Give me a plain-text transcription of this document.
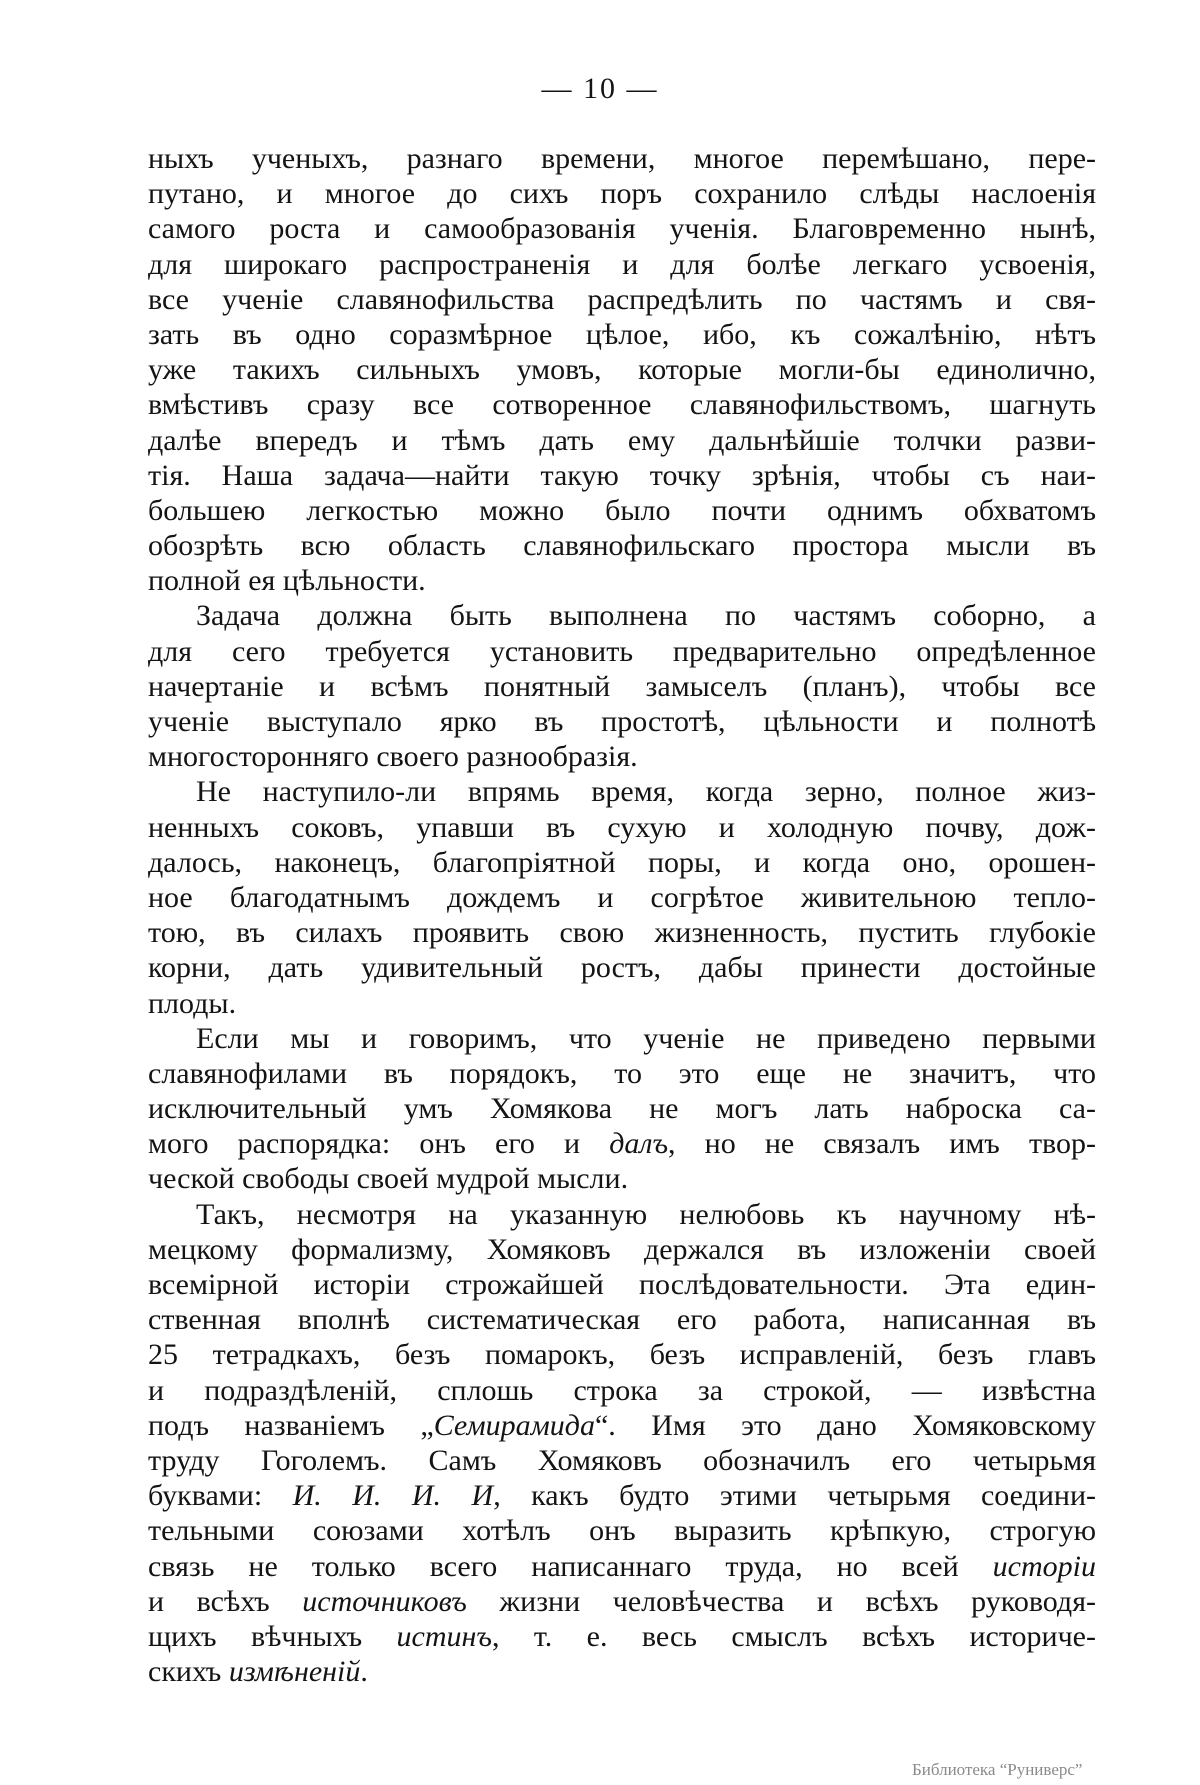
— 10 —
ныхъ ученыхъ, разнаго времени, многое перемѣшано, пере-
путано, и многое до сихъ поръ сохранило слѣды наслоенія
самого роста и самообразованія ученія. Благовременно нынѣ,
для широкаго распространенія и для болѣе легкаго усвоенія,
все ученіе славянофильства распредѣлить по частямъ и свя-
зать въ одно соразмѣрное цѣлое, ибо, къ сожалѣнію, нѣтъ
уже такихъ сильныхъ умовъ, которые могли-бы единолично,
вмѣстивъ сразу все сотворенное славянофильствомъ, шагнуть
далѣе впередъ и тѣмъ дать ему дальнѣйшіе толчки разви-
тія. Наша задача—найти такую точку зрѣнія, чтобы съ наи-
большею легкостью можно было почти однимъ обхватомъ
обозрѣть всю область славянофильскаго простора мысли въ
полной ея цѣльности.
Задача должна быть выполнена по частямъ соборно, а
для сего требуется установить предварительно опредѣленное
начертаніе и всѣмъ понятный замыселъ (планъ), чтобы все
ученіе выступало ярко въ простотѣ, цѣльности и полнотѣ
многосторонняго своего разнообразія.
Не наступило-ли впрямь время, когда зерно, полное жиз-
ненныхъ соковъ, упавши въ сухую и холодную почву, дож-
далось, наконецъ, благопріятной поры, и когда оно, орошен-
ное благодатнымъ дождемъ и согрѣтое живительною тепло-
тою, въ силахъ проявить свою жизненность, пустить глубокіе
корни, дать удивительный ростъ, дабы принести достойные
плоды.
Если мы и говоримъ, что ученіе не приведено первыми
славянофилами въ порядокъ, то это еще не значитъ, что
исключительный умъ Хомякова не могъ лать наброска са-
мого распорядка: онъ его и далъ, но не связалъ имъ твор-
ческой свободы своей мудрой мысли.
Такъ, несмотря на указанную нелюбовь къ научному нѣ-
мецкому формализму, Хомяковъ держался въ изложеніи своей
всемірной исторіи строжайшей послѣдовательности. Эта един-
ственная вполнѣ систематическая его работа, написанная въ
25 тетрадкахъ, безъ помарокъ, безъ исправленій, безъ главъ
и подраздѣленій, сплошь строка за строкой, — извѣстна
подъ названіемъ „Семирамида“. Имя это дано Хомяковскому
труду Гоголемъ. Самъ Хомяковъ обозначилъ его четырьмя
буквами: И. И. И. И, какъ будто этими четырьмя соедини-
тельными союзами хотѣлъ онъ выразить крѣпкую, строгую
связь не только всего написаннаго труда, но всей исторіи
и всѣхъ источниковъ жизни человѣчества и всѣхъ руководя-
щихъ вѣчныхъ истинъ, т. е. весь смыслъ всѣхъ историче-
скихъ измѣненій.
Библиотека “Руниверс”
